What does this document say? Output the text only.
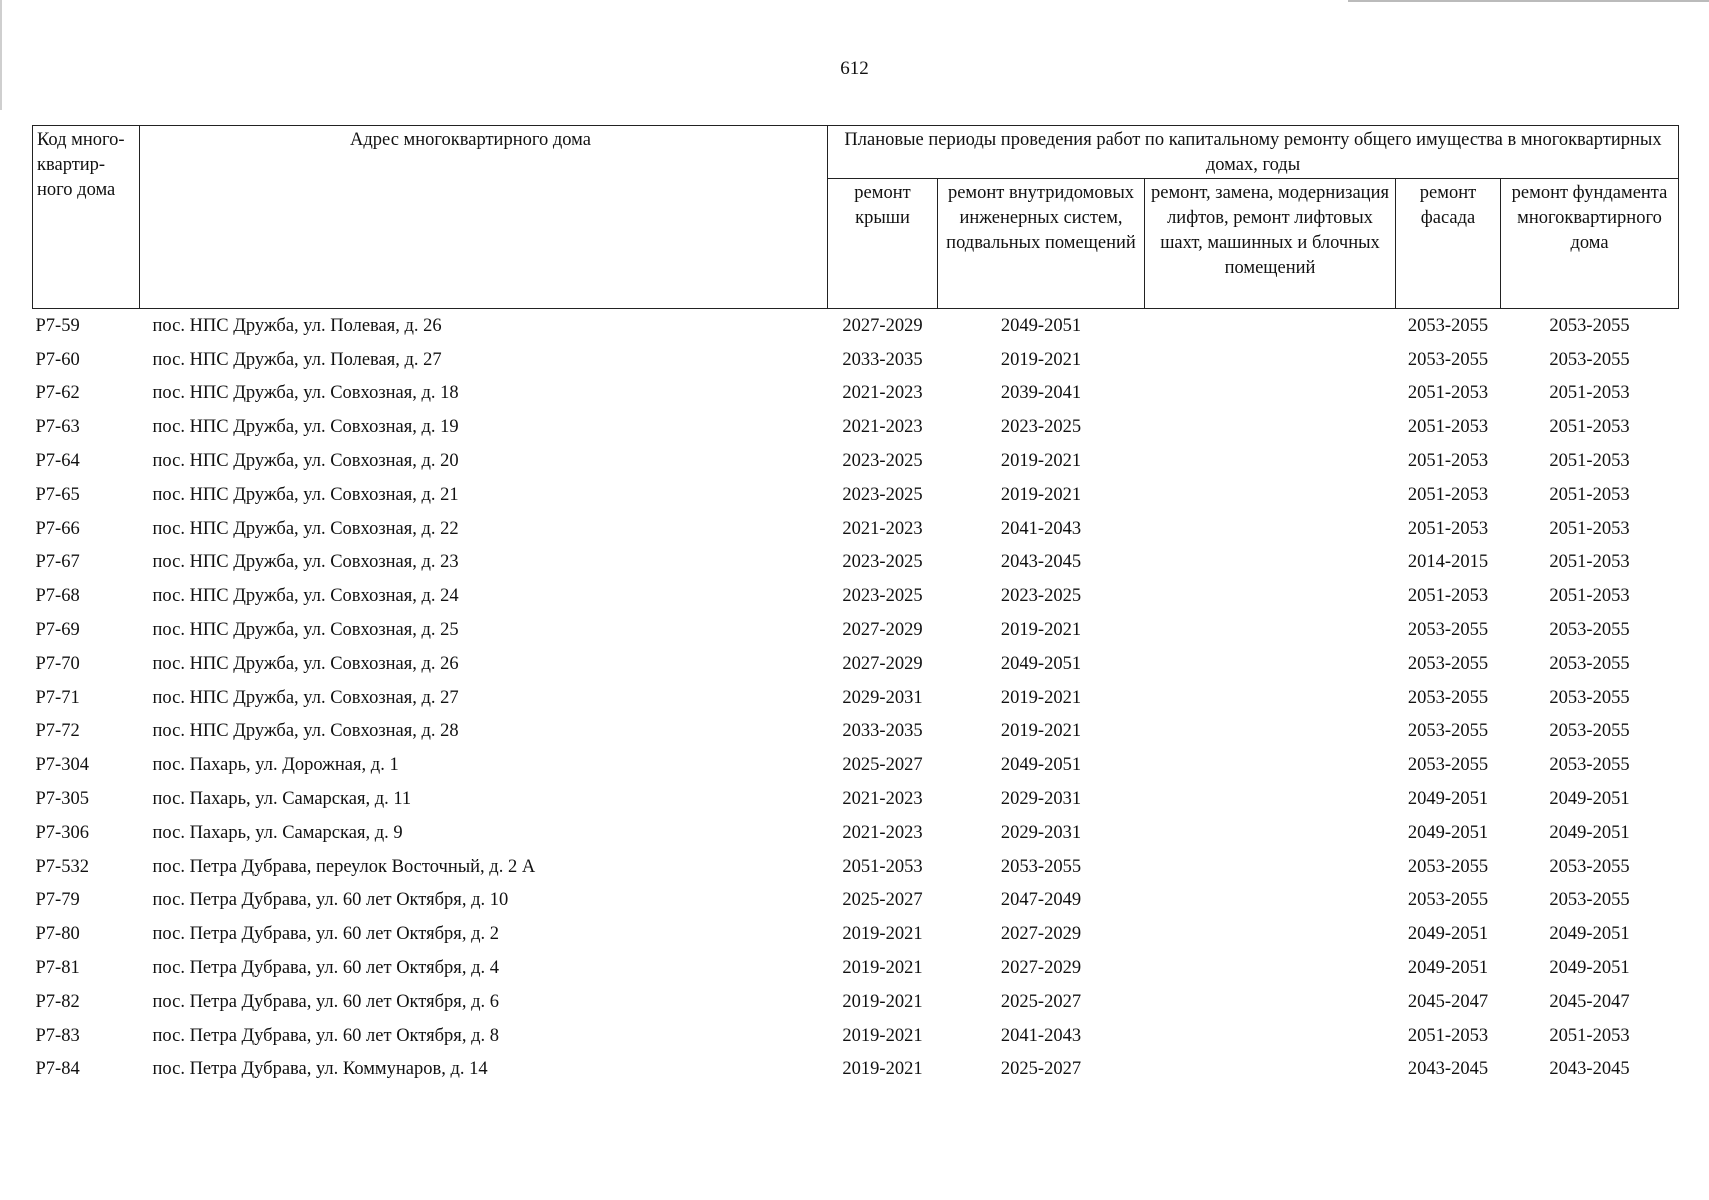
612
Код много-квартир-ного дома	Адрес многоквартирного дома	Плановые периоды проведения работ по капитальному ремонту общего имущества в многоквартирных домах, годы				
		ремонт крыши	ремонт внутридомовых инженерных систем, подвальных помещений	ремонт, замена, модернизация лифтов, ремонт лифтовых шахт, машинных и блочных помещений	ремонт фасада	ремонт фундамента многоквартирного дома
Р7-59	пос. НПС Дружба, ул. Полевая, д. 26	2027-2029	2049-2051		2053-2055	2053-2055
Р7-60	пос. НПС Дружба, ул. Полевая, д. 27	2033-2035	2019-2021		2053-2055	2053-2055
Р7-62	пос. НПС Дружба, ул. Совхозная, д. 18	2021-2023	2039-2041		2051-2053	2051-2053
Р7-63	пос. НПС Дружба, ул. Совхозная, д. 19	2021-2023	2023-2025		2051-2053	2051-2053
Р7-64	пос. НПС Дружба, ул. Совхозная, д. 20	2023-2025	2019-2021		2051-2053	2051-2053
Р7-65	пос. НПС Дружба, ул. Совхозная, д. 21	2023-2025	2019-2021		2051-2053	2051-2053
Р7-66	пос. НПС Дружба, ул. Совхозная, д. 22	2021-2023	2041-2043		2051-2053	2051-2053
Р7-67	пос. НПС Дружба, ул. Совхозная, д. 23	2023-2025	2043-2045		2014-2015	2051-2053
Р7-68	пос. НПС Дружба, ул. Совхозная, д. 24	2023-2025	2023-2025		2051-2053	2051-2053
Р7-69	пос. НПС Дружба, ул. Совхозная, д. 25	2027-2029	2019-2021		2053-2055	2053-2055
Р7-70	пос. НПС Дружба, ул. Совхозная, д. 26	2027-2029	2049-2051		2053-2055	2053-2055
Р7-71	пос. НПС Дружба, ул. Совхозная, д. 27	2029-2031	2019-2021		2053-2055	2053-2055
Р7-72	пос. НПС Дружба, ул. Совхозная, д. 28	2033-2035	2019-2021		2053-2055	2053-2055
Р7-304	пос. Пахарь, ул. Дорожная, д. 1	2025-2027	2049-2051		2053-2055	2053-2055
Р7-305	пос. Пахарь, ул. Самарская, д. 11	2021-2023	2029-2031		2049-2051	2049-2051
Р7-306	пос. Пахарь, ул. Самарская, д. 9	2021-2023	2029-2031		2049-2051	2049-2051
Р7-532	пос. Петра Дубрава, переулок Восточный, д. 2 А	2051-2053	2053-2055		2053-2055	2053-2055
Р7-79	пос. Петра Дубрава, ул. 60 лет Октября, д. 10	2025-2027	2047-2049		2053-2055	2053-2055
Р7-80	пос. Петра Дубрава, ул. 60 лет Октября, д. 2	2019-2021	2027-2029		2049-2051	2049-2051
Р7-81	пос. Петра Дубрава, ул. 60 лет Октября, д. 4	2019-2021	2027-2029		2049-2051	2049-2051
Р7-82	пос. Петра Дубрава, ул. 60 лет Октября, д. 6	2019-2021	2025-2027		2045-2047	2045-2047
Р7-83	пос. Петра Дубрава, ул. 60 лет Октября, д. 8	2019-2021	2041-2043		2051-2053	2051-2053
Р7-84	пос. Петра Дубрава, ул. Коммунаров, д. 14	2019-2021	2025-2027		2043-2045	2043-2045
